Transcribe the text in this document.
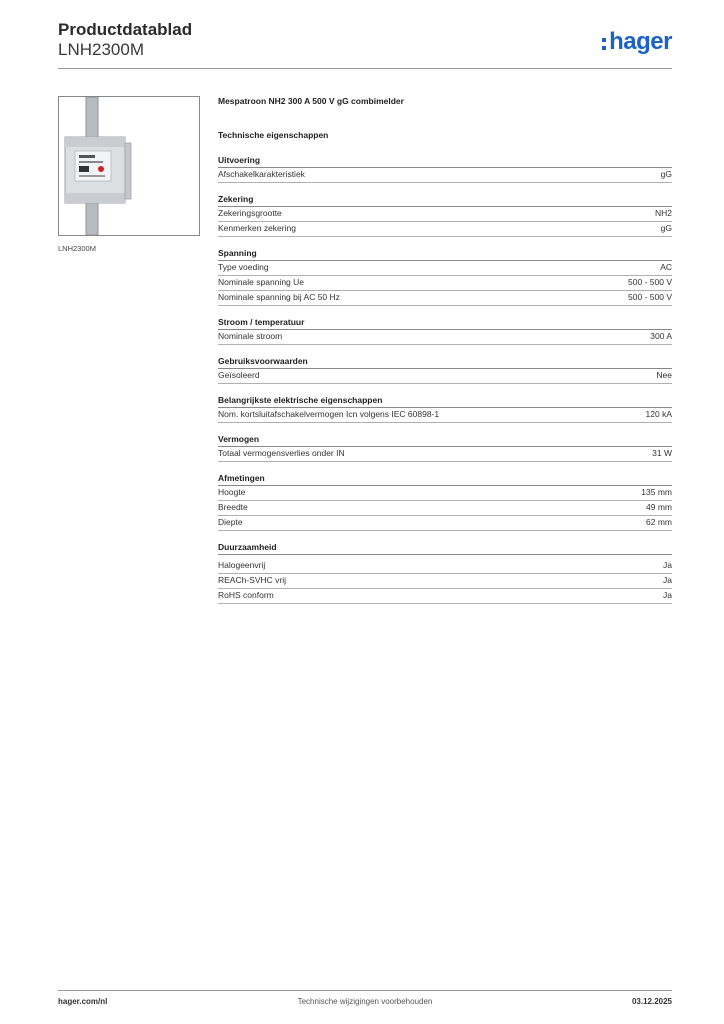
Productdatablad
LNH2300M	hager
LNH2300M
Mespatroon NH2 300 A 500 V gG combimelder
Technische eigenschappen
Uitvoering
Afschakelkarakteristiek	gG
Zekering
Zekeringsgrootte	NH2
Kenmerken zekering	gG
Spanning
Type voeding	AC
Nominale spanning Ue	500 - 500 V
Nominale spanning bij AC 50 Hz	500 - 500 V
Stroom / temperatuur
Nominale stroom	300 A
Gebruiksvoorwaarden
Geïsoleerd	Nee
Belangrijkste elektrische eigenschappen
Nom. kortsluitafschakelvermogen Icn volgens IEC 60898-1	120 kA
Vermogen
Totaal vermogensverlies onder IN	31 W
Afmetingen
Hoogte	135 mm
Breedte	49 mm
Diepte	62 mm
Duurzaamheid
Halogeenvrij	Ja
REACh-SVHC vrij	Ja
RoHS conform	Ja
hager.com/nl	Technische wijzigingen voorbehouden	03.12.2025
